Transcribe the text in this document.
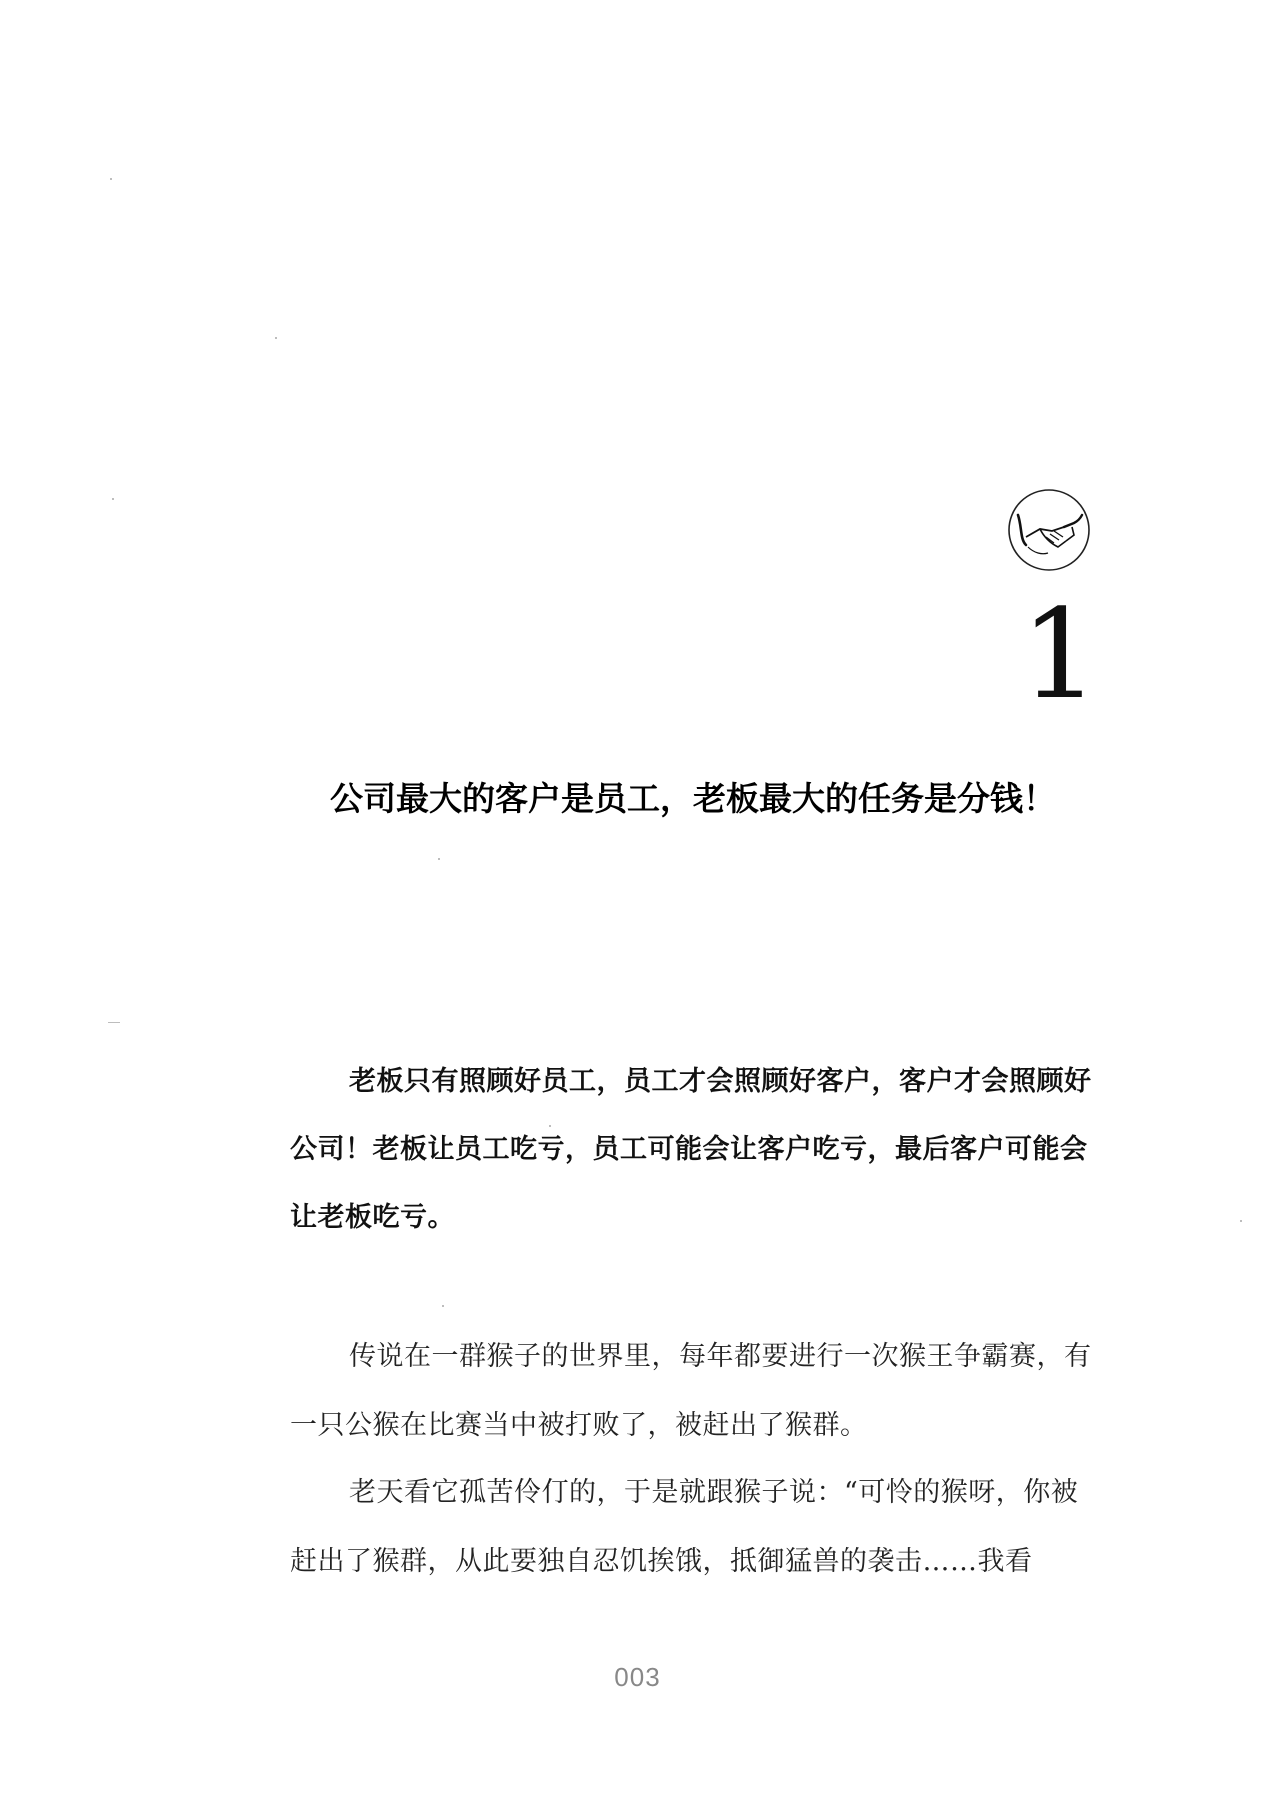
1
公司最大的客户是员工，老板最大的任务是分钱！

老板只有照顾好员工，员工才会照顾好客户，客户才会照顾好公司！老板让员工吃亏，员工可能会让客户吃亏，最后客户可能会让老板吃亏。

传说在一群猴子的世界里，每年都要进行一次猴王争霸赛，有一只公猴在比赛当中被打败了，被赶出了猴群。

老天看它孤苦伶仃的，于是就跟猴子说：“可怜的猴呀，你被赶出了猴群，从此要独自忍饥挨饿，抵御猛兽的袭击……我看

003
